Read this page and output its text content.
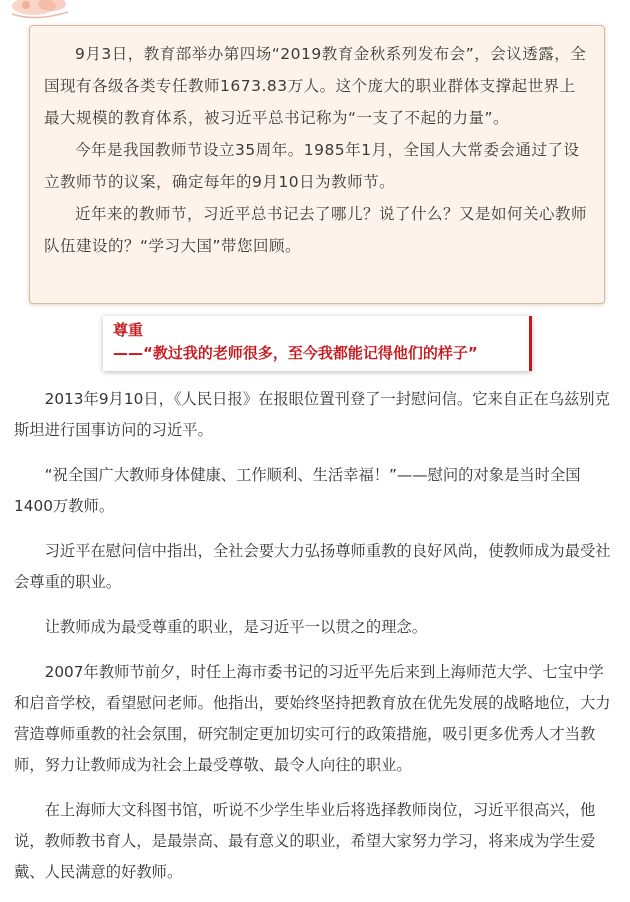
9月3日，教育部举办第四场“2019教育金秋系列发布会”，会议透露，全国现有各级各类专任教师1673.83万人。这个庞大的职业群体支撑起世界上最大规模的教育体系，被习近平总书记称为“一支了不起的力量”。

今年是我国教师节设立35周年。1985年1月，全国人大常委会通过了设立教师节的议案，确定每年的9月10日为教师节。

近年来的教师节，习近平总书记去了哪儿？说了什么？又是如何关心教师队伍建设的？“学习大国”带您回顾。

尊重
——“教过我的老师很多，至今我都能记得他们的样子”

2013年9月10日，《人民日报》在报眼位置刊登了一封慰问信。它来自正在乌兹别克斯坦进行国事访问的习近平。

“祝全国广大教师身体健康、工作顺利、生活幸福！”——慰问的对象是当时全国1400万教师。

习近平在慰问信中指出，全社会要大力弘扬尊师重教的良好风尚，使教师成为最受社会尊重的职业。

让教师成为最受尊重的职业，是习近平一以贯之的理念。

2007年教师节前夕，时任上海市委书记的习近平先后来到上海师范大学、七宝中学和启音学校，看望慰问老师。他指出，要始终坚持把教育放在优先发展的战略地位，大力营造尊师重教的社会氛围，研究制定更加切实可行的政策措施，吸引更多优秀人才当教师，努力让教师成为社会上最受尊敬、最令人向往的职业。

在上海师大文科图书馆，听说不少学生毕业后将选择教师岗位，习近平很高兴，他说，教师教书育人，是最崇高、最有意义的职业，希望大家努力学习，将来成为学生爱戴、人民满意的好教师。
